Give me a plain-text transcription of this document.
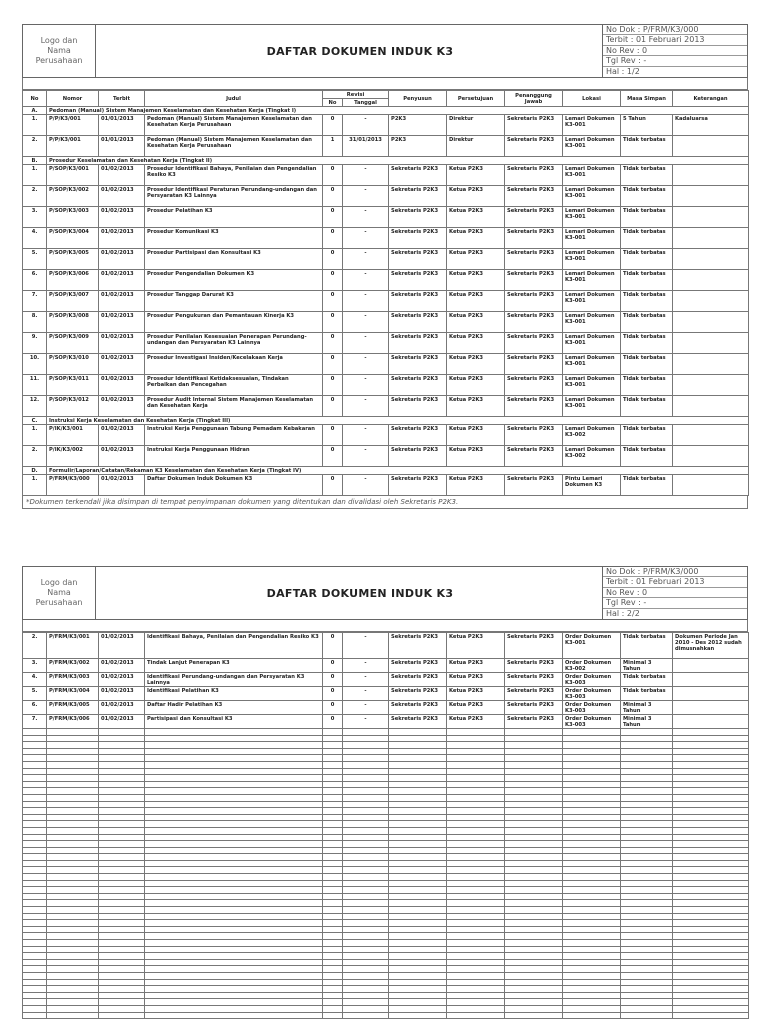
Logo dan
Nama
Perusahaan
DAFTAR DOKUMEN INDUK K3
No Dok : P/FRM/K3/000
Terbit : 01 Februari 2013
No Rev : 0
Tgl Rev : -
Hal : 1/2
No	Nomor	Terbit	Judul	Revisi		Penyusun	Persetujuan	Penanggung Jawab	Lokasi	Masa Simpan	Keterangan
				No	Tanggal						
A.	Pedoman (Manual) Sistem Manajemen Keselamatan dan Kesehatan Kerja (Tingkat I)										
1.	P/P/K3/001	01/01/2013	Pedoman (Manual) Sistem Manajemen Keselamatan dan Kesehatan Kerja Perusahaan	0	-	P2K3	Direktur	Sekretaris P2K3	Lemari Dokumen K3-001	5 Tahun	Kadaluarsa
2.	P/P/K3/001	01/01/2013	Pedoman (Manual) Sistem Manajemen Keselamatan dan Kesehatan Kerja Perusahaan	1	31/01/2013	P2K3	Direktur	Sekretaris P2K3	Lemari Dokumen K3-001	Tidak terbatas	
B.	Prosedur Keselamatan dan Kesehatan Kerja (Tingkat II)										
1.	P/SOP/K3/001	01/02/2013	Prosedur Identifikasi Bahaya, Penilaian dan Pengendalian Resiko K3	0	-	Sekretaris P2K3	Ketua P2K3	Sekretaris P2K3	Lemari Dokumen K3-001	Tidak terbatas	
2.	P/SOP/K3/002	01/02/2013	Prosedur Identifikasi Peraturan Perundang-undangan dan Persyaratan K3 Lainnya	0	-	Sekretaris P2K3	Ketua P2K3	Sekretaris P2K3	Lemari Dokumen K3-001	Tidak terbatas	
3.	P/SOP/K3/003	01/02/2013	Prosedur Pelatihan K3	0	-	Sekretaris P2K3	Ketua P2K3	Sekretaris P2K3	Lemari Dokumen K3-001	Tidak terbatas	
4.	P/SOP/K3/004	01/02/2013	Prosedur Komunikasi K3	0	-	Sekretaris P2K3	Ketua P2K3	Sekretaris P2K3	Lemari Dokumen K3-001	Tidak terbatas	
5.	P/SOP/K3/005	01/02/2013	Prosedur Partisipasi dan Konsultasi K3	0	-	Sekretaris P2K3	Ketua P2K3	Sekretaris P2K3	Lemari Dokumen K3-001	Tidak terbatas	
6.	P/SOP/K3/006	01/02/2013	Prosedur Pengendalian Dokumen K3	0	-	Sekretaris P2K3	Ketua P2K3	Sekretaris P2K3	Lemari Dokumen K3-001	Tidak terbatas	
7.	P/SOP/K3/007	01/02/2013	Prosedur Tanggap Darurat K3	0	-	Sekretaris P2K3	Ketua P2K3	Sekretaris P2K3	Lemari Dokumen K3-001	Tidak terbatas	
8.	P/SOP/K3/008	01/02/2013	Prosedur Pengukuran dan Pemantauan Kinerja K3	0	-	Sekretaris P2K3	Ketua P2K3	Sekretaris P2K3	Lemari Dokumen K3-001	Tidak terbatas	
9.	P/SOP/K3/009	01/02/2013	Prosedur Penilaian Kesesuaian Penerapan Perundang-undangan dan Persyaratan K3 Lainnya	0	-	Sekretaris P2K3	Ketua P2K3	Sekretaris P2K3	Lemari Dokumen K3-001	Tidak terbatas	
10.	P/SOP/K3/010	01/02/2013	Prosedur Investigasi Insiden/Kecelakaan Kerja	0	-	Sekretaris P2K3	Ketua P2K3	Sekretaris P2K3	Lemari Dokumen K3-001	Tidak terbatas	
11.	P/SOP/K3/011	01/02/2013	Prosedur Identifikasi Ketidaksesuaian, Tindakan Perbaikan dan Pencegahan	0	-	Sekretaris P2K3	Ketua P2K3	Sekretaris P2K3	Lemari Dokumen K3-001	Tidak terbatas	
12.	P/SOP/K3/012	01/02/2013	Prosedur Audit Internal Sistem Manajemen Keselamatan dan Kesehatan Kerja	0	-	Sekretaris P2K3	Ketua P2K3	Sekretaris P2K3	Lemari Dokumen K3-001	Tidak terbatas	
C.	Instruksi Kerja Keselamatan dan Kesehatan Kerja (Tingkat III)										
1.	P/IK/K3/001	01/02/2013	Instruksi Kerja Penggunaan Tabung Pemadam Kebakaran	0	-	Sekretaris P2K3	Ketua P2K3	Sekretaris P2K3	Lemari Dokumen K3-002	Tidak terbatas	
2.	P/IK/K3/002	01/02/2013	Instruksi Kerja Penggunaan Hidran	0	-	Sekretaris P2K3	Ketua P2K3	Sekretaris P2K3	Lemari Dokumen K3-002	Tidak terbatas	
D.	Formulir/Laporan/Catatan/Rekaman K3 Keselamatan dan Kesehatan Kerja (Tingkat IV)										
1.	P/FRM/K3/000	01/02/2013	Daftar Dokumen Induk Dokumen K3	0	-	Sekretaris P2K3	Ketua P2K3	Sekretaris P2K3	Pintu Lemari Dokumen K3	Tidak terbatas	
*Dokumen terkendali jika disimpan di tempat penyimpanan dokumen yang ditentukan dan divalidasi oleh Sekretaris P2K3.
Logo dan
Nama
Perusahaan
DAFTAR DOKUMEN INDUK K3
No Dok : P/FRM/K3/000
Terbit : 01 Februari 2013
No Rev : 0
Tgl Rev : -
Hal : 2/2
2.	P/FRM/K3/001	01/02/2013	Identifikasi Bahaya, Penilaian dan Pengendalian Resiko K3	0	-	Sekretaris P2K3	Ketua P2K3	Sekretaris P2K3	Order Dokumen K3-001	Tidak terbatas	Dokumen Periode Jan 2010 - Des 2012 sudah dimusnahkan
3.	P/FRM/K3/002	01/02/2013	Tindak Lanjut Penerapan K3	0	-	Sekretaris P2K3	Ketua P2K3	Sekretaris P2K3	Order Dokumen K3-002	Minimal 3 Tahun	
4.	P/FRM/K3/003	01/02/2013	Identifikasi Perundang-undangan dan Persyaratan K3 Lainnya	0	-	Sekretaris P2K3	Ketua P2K3	Sekretaris P2K3	Order Dokumen K3-003	Tidak terbatas	
5.	P/FRM/K3/004	01/02/2013	Identifikasi Pelatihan K3	0	-	Sekretaris P2K3	Ketua P2K3	Sekretaris P2K3	Order Dokumen K3-003	Tidak terbatas	
6.	P/FRM/K3/005	01/02/2013	Daftar Hadir Pelatihan K3	0	-	Sekretaris P2K3	Ketua P2K3	Sekretaris P2K3	Order Dokumen K3-003	Minimal 3 Tahun	
7.	P/FRM/K3/006	01/02/2013	Partisipasi dan Konsultasi K3	0	-	Sekretaris P2K3	Ketua P2K3	Sekretaris P2K3	Order Dokumen K3-003	Minimal 3 Tahun	
